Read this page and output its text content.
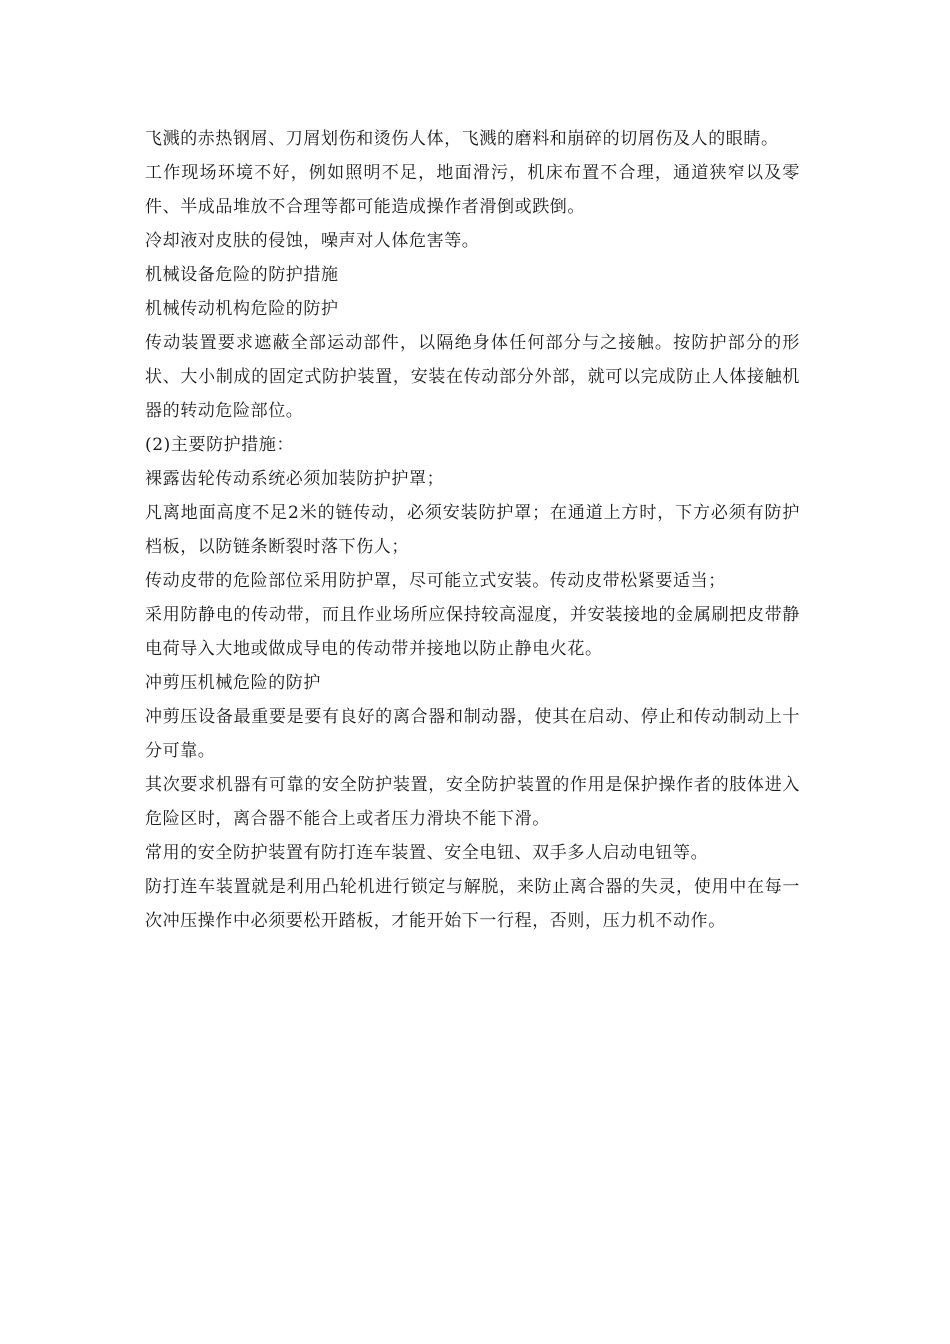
飞溅的赤热钢屑、刀屑划伤和烫伤人体，飞溅的磨料和崩碎的切屑伤及人的眼睛。

工作现场环境不好，例如照明不足，地面滑污，机床布置不合理，通道狭窄以及零件、半成品堆放不合理等都可能造成操作者滑倒或跌倒。

冷却液对皮肤的侵蚀，噪声对人体危害等。

机械设备危险的防护措施

机械传动机构危险的防护

传动装置要求遮蔽全部运动部件，以隔绝身体任何部分与之接触。按防护部分的形状、大小制成的固定式防护装置，安装在传动部分外部，就可以完成防止人体接触机器的转动危险部位。

(2)主要防护措施：

裸露齿轮传动系统必须加装防护护罩；

凡离地面高度不足2米的链传动，必须安装防护罩；在通道上方时，下方必须有防护档板，以防链条断裂时落下伤人；

传动皮带的危险部位采用防护罩，尽可能立式安装。传动皮带松紧要适当；

采用防静电的传动带，而且作业场所应保持较高湿度，并安装接地的金属刷把皮带静电荷导入大地或做成导电的传动带并接地以防止静电火花。

冲剪压机械危险的防护

冲剪压设备最重要是要有良好的离合器和制动器，使其在启动、停止和传动制动上十分可靠。

其次要求机器有可靠的安全防护装置，安全防护装置的作用是保护操作者的肢体进入危险区时，离合器不能合上或者压力滑块不能下滑。

常用的安全防护装置有防打连车装置、安全电钮、双手多人启动电钮等。

防打连车装置就是利用凸轮机进行锁定与解脱，来防止离合器的失灵，使用中在每一次冲压操作中必须要松开踏板，才能开始下一行程，否则，压力机不动作。
